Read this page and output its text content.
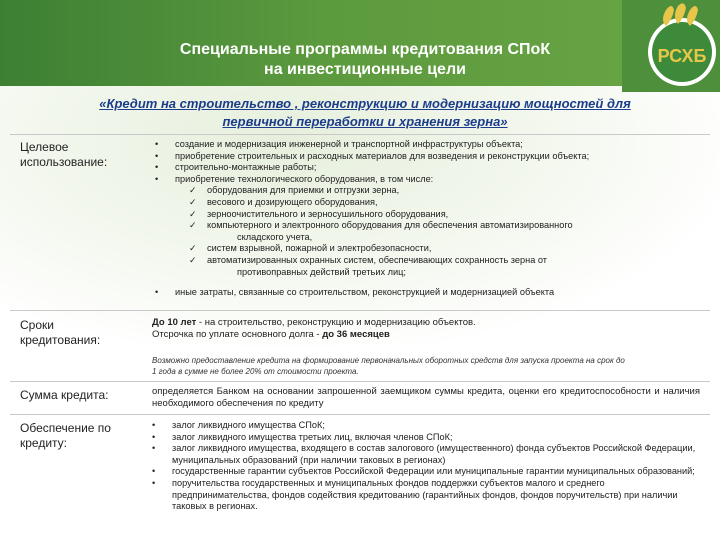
Специальные программы кредитования СПоК
на инвестиционные цели
РСХБ
«Кредит на строительство , реконструкцию и модернизацию мощностей для
первичной переработки и хранения зерна»
Целевое
использование:
• создание и модернизация инженерной и транспортной инфраструктуры объекта;
• приобретение строительных и расходных материалов для возведения и реконструкции объекта;
• строительно-монтажные работы;
• приобретение технологического оборудования, в том числе:
✓ оборудования для приемки и отгрузки зерна,
✓ весового и дозирующего оборудования,
✓ зерноочистительного и зерносушильного оборудования,
✓ компьютерного и электронного оборудования для обеспечения автоматизированного
складского учета,
✓ систем взрывной, пожарной и электробезопасности,
✓ автоматизированных охранных систем, обеспечивающих сохранность зерна от
противоправных действий третьих лиц;
• иные затраты, связанные со строительством, реконструкцией и модернизацией объекта
Сроки
кредитования:
До 10 лет - на строительство, реконструкцию и модернизацию объектов.
Отсрочка по уплате основного долга - до 36 месяцев
Возможно предоставление кредита на формирование первоначальных оборотных средств для запуска проекта на срок до
1 года в сумме не более 20% от стоимости проекта.
Сумма кредита:	определяется Банком на основании запрошенной заемщиком суммы кредита, оценки его кредитоспособности и наличия необходимого обеспечения по кредиту
Обеспечение по
кредиту:
• залог ликвидного имущества СПоК;
• залог ликвидного имущества третьих лиц, включая членов СПоК;
• залог ликвидного имущества, входящего в состав залогового (имущественного) фонда субъектов Российской Федерации, муниципальных образований (при наличии таковых в регионах)
• государственные гарантии субъектов Российской Федерации или муниципальные гарантии муниципальных образований;
• поручительства государственных и муниципальных фондов поддержки субъектов малого и среднего предпринимательства, фондов содействия кредитованию (гарантийных фондов, фондов поручительств) при наличии таковых в регионах.
